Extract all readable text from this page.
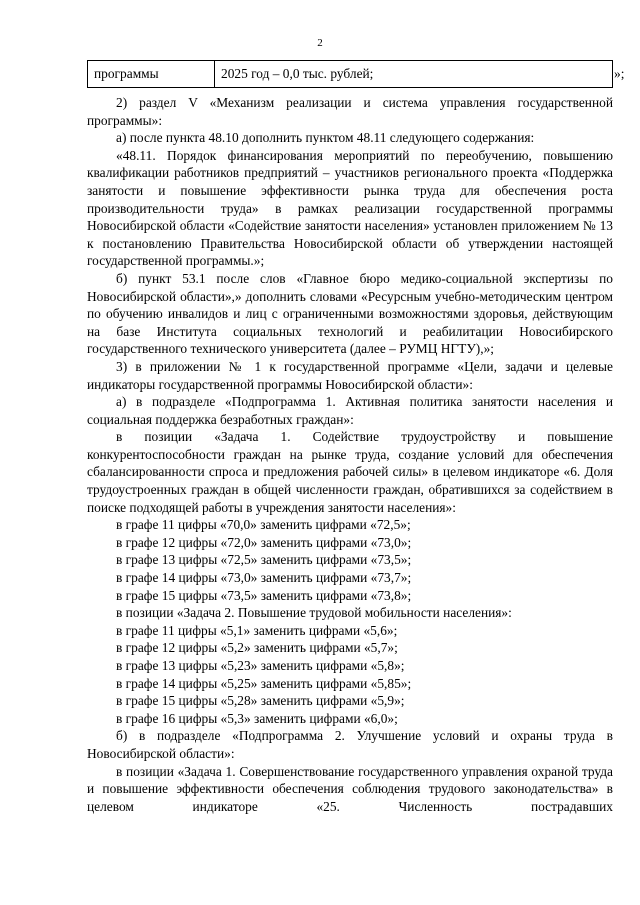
2
программы	2025 год – 0,0 тыс. рублей;	»;

2) раздел V «Механизм реализации и система управления государственной программы»:

а) после пункта 48.10 дополнить пунктом 48.11 следующего содержания:

«48.11. Порядок финансирования мероприятий по переобучению, повышению квалификации работников предприятий – участников регионального проекта «Поддержка занятости и повышение эффективности рынка труда для обеспечения роста производительности труда» в рамках реализации государственной программы Новосибирской области «Содействие занятости населения» установлен приложением № 13 к постановлению Правительства Новосибирской области об утверждении настоящей государственной программы.»;

б) пункт 53.1 после слов «Главное бюро медико-социальной экспертизы по Новосибирской области»,» дополнить словами «Ресурсным учебно-методическим центром по обучению инвалидов и лиц с ограниченными возможностями здоровья, действующим на базе Института социальных технологий и реабилитации Новосибирского государственного технического университета (далее – РУМЦ НГТУ),»;

3) в приложении № 1 к государственной программе «Цели, задачи и целевые индикаторы государственной программы Новосибирской области»:

а) в подразделе «Подпрограмма 1. Активная политика занятости населения и социальная поддержка безработных граждан»:

в позиции «Задача 1. Содействие трудоустройству и повышение конкурентоспособности граждан на рынке труда, создание условий для обеспечения сбалансированности спроса и предложения рабочей силы» в целевом индикаторе «6. Доля трудоустроенных граждан в общей численности граждан, обратившихся за содействием в поиске подходящей работы в учреждения занятости населения»:

в графе 11 цифры «70,0» заменить цифрами «72,5»;

в графе 12 цифры «72,0» заменить цифрами «73,0»;

в графе 13 цифры «72,5» заменить цифрами «73,5»;

в графе 14 цифры «73,0» заменить цифрами «73,7»;

в графе 15 цифры «73,5» заменить цифрами «73,8»;

в позиции «Задача 2. Повышение трудовой мобильности населения»:

в графе 11 цифры «5,1» заменить цифрами «5,6»;

в графе 12 цифры «5,2» заменить цифрами «5,7»;

в графе 13 цифры «5,23» заменить цифрами «5,8»;

в графе 14 цифры «5,25» заменить цифрами «5,85»;

в графе 15 цифры «5,28» заменить цифрами «5,9»;

в графе 16 цифры «5,3» заменить цифрами «6,0»;

б) в подразделе «Подпрограмма 2. Улучшение условий и охраны труда в Новосибирской области»:

в позиции «Задача 1. Совершенствование государственного управления охраной труда и повышение эффективности обеспечения соблюдения трудового законодательства» в целевом индикаторе «25. Численность пострадавших
